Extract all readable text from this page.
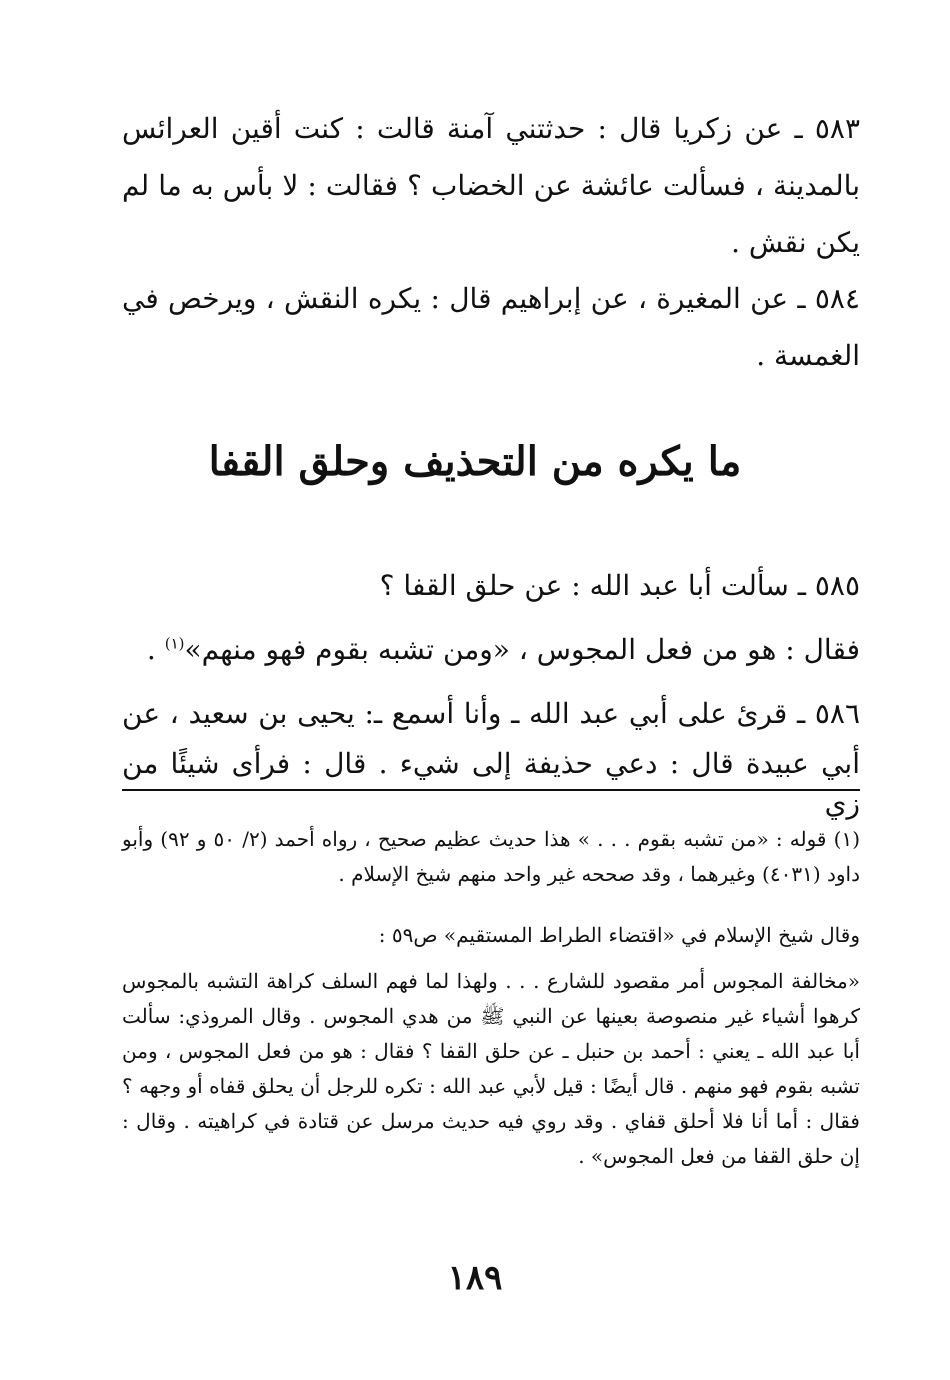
٥٨٣ ـ عن زكريا قال : حدثتني آمنة قالت : كنت أقين العرائس بالمدينة ، فسألت عائشة عن الخضاب ؟ فقالت : لا بأس به ما لم يكن نقش .

٥٨٤ ـ عن المغيرة ، عن إبراهيم قال : يكره النقش ، ويرخص في الغمسة .

ما يكره من التحذيف وحلق القفا
٥٨٥ ـ سألت أبا عبد الله : عن حلق القفا ؟
فقال : هو من فعل المجوس ، «ومن تشبه بقوم فهو منهم»$^{(١)}$ .
٥٨٦ ـ قرئ على أبي عبد الله ـ وأنا أسمع ـ: يحيى بن سعيد ، عن
أبي عبيدة قال : دعي حذيفة إلى شيء . قال : فرأى شيئًا من زي

(١) قوله : «من تشبه بقوم . . . » هذا حديث عظيم صحيح ، رواه أحمد (٢/ ٥٠ و ٩٢) وأبو داود (٤٠٣١) وغيرهما ، وقد صححه غير واحد منهم شيخ الإسلام .

وقال شيخ الإسلام في «اقتضاء الطراط المستقيم» ص٥٩ :

«مخالفة المجوس أمر مقصود للشارع . . . ولهذا لما فهم السلف كراهة التشبه بالمجوس كرهوا أشياء غير منصوصة بعينها عن النبي ﷺ من هدي المجوس . وقال المروذي: سألت أبا عبد الله ـ يعني : أحمد بن حنبل ـ عن حلق القفا ؟ فقال : هو من فعل المجوس ، ومن تشبه بقوم فهو منهم . قال أيضًا : قيل لأبي عبد الله : تكره للرجل أن يحلق قفاه أو وجهه ؟ فقال : أما أنا فلا أحلق قفاي . وقد روي فيه حديث مرسل عن قتادة في كراهيته . وقال : إن حلق القفا من فعل المجوس» .

١٨٩
